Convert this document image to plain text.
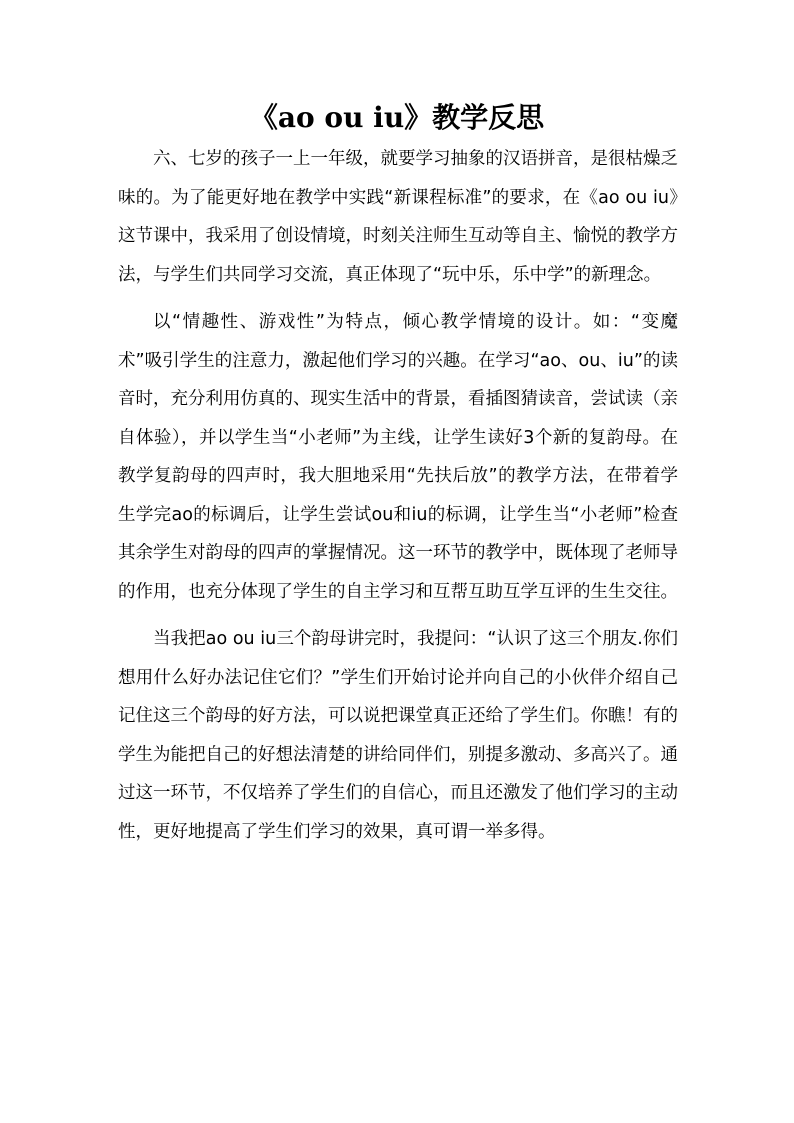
《ao ou iu》教学反思

六、七岁的孩子一上一年级，就要学习抽象的汉语拼音，是很枯燥乏味的。为了能更好地在教学中实践“新课程标准”的要求，在《ao ou iu》这节课中，我采用了创设情境，时刻关注师生互动等自主、愉悦的教学方法，与学生们共同学习交流，真正体现了“玩中乐，乐中学”的新理念。

以“情趣性、游戏性”为特点，倾心教学情境的设计。如：“变魔术”吸引学生的注意力，激起他们学习的兴趣。在学习“ao、ou、iu”的读音时，充分利用仿真的、现实生活中的背景，看插图猜读音，尝试读（亲自体验），并以学生当“小老师”为主线，让学生读好3个新的复韵母。在教学复韵母的四声时，我大胆地采用“先扶后放”的教学方法，在带着学生学完ao的标调后，让学生尝试ou和iu的标调，让学生当“小老师”检查其余学生对韵母的四声的掌握情况。这一环节的教学中，既体现了老师导的作用，也充分体现了学生的自主学习和互帮互助互学互评的生生交往。

当我把ao ou iu三个韵母讲完时，我提问：“认识了这三个朋友.你们想用什么好办法记住它们？”学生们开始讨论并向自己的小伙伴介绍自己记住这三个韵母的好方法，可以说把课堂真正还给了学生们。你瞧！有的学生为能把自己的好想法清楚的讲给同伴们，别提多激动、多高兴了。通过这一环节，不仅培养了学生们的自信心，而且还激发了他们学习的主动性，更好地提高了学生们学习的效果，真可谓一举多得。
